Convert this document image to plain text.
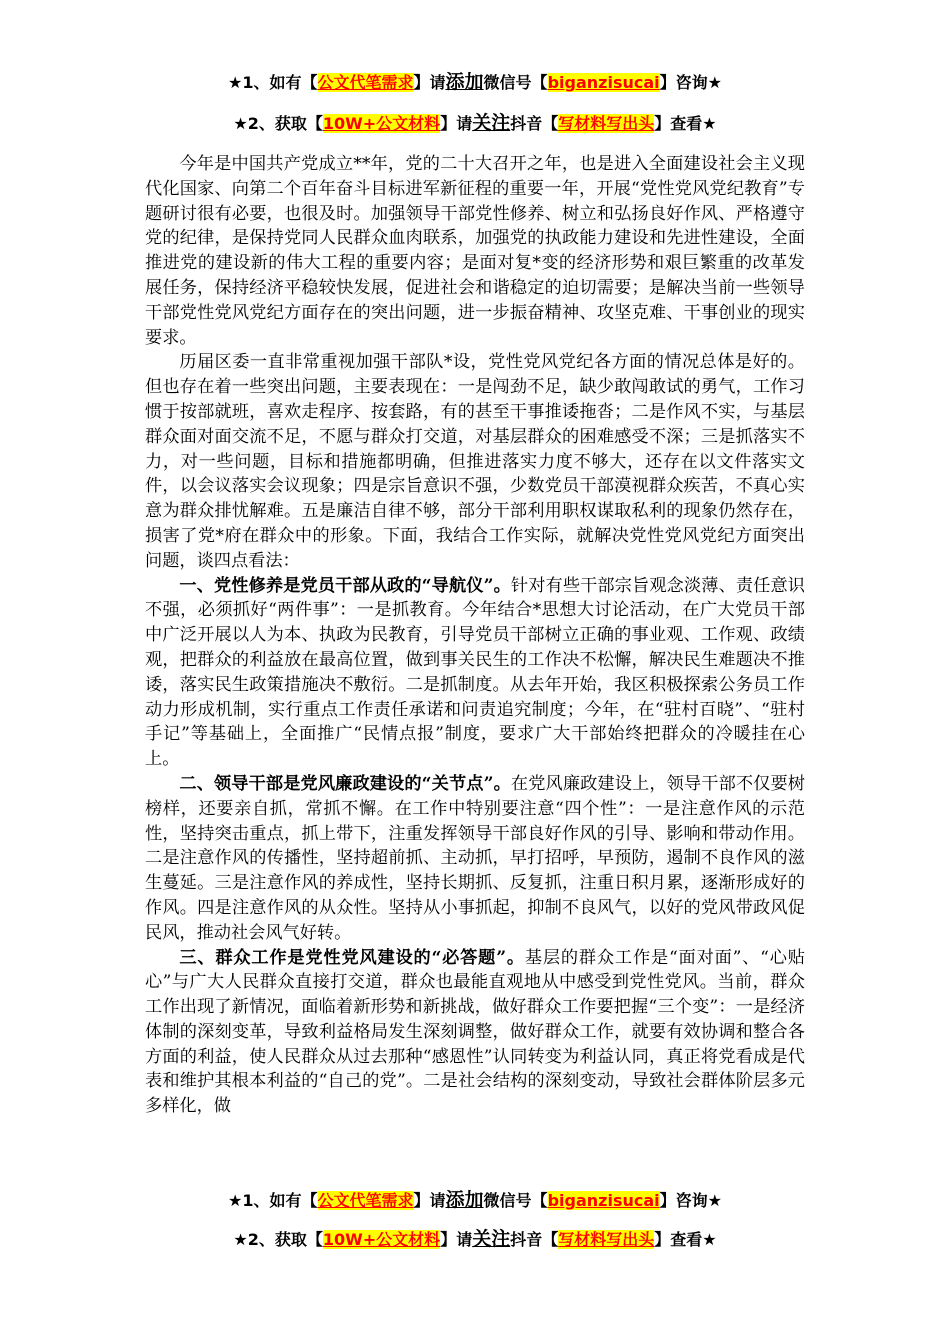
★1、如有【公文代笔需求】请添加微信号【biganzisucai】咨询★
★2、获取【10W+公文材料】请关注抖音【写材料写出头】查看★

今年是中国共产党成立**年，党的二十大召开之年，也是进入全面建设社会主义现代化国家、向第二个百年奋斗目标进军新征程的重要一年，开展“党性党风党纪教育”专题研讨很有必要，也很及时。加强领导干部党性修养、树立和弘扬良好作风、严格遵守党的纪律，是保持党同人民群众血肉联系，加强党的执政能力建设和先进性建设，全面推进党的建设新的伟大工程的重要内容；是面对复*变的经济形势和艰巨繁重的改革发展任务，保持经济平稳较快发展，促进社会和谐稳定的迫切需要；是解决当前一些领导干部党性党风党纪方面存在的突出问题，进一步振奋精神、攻坚克难、干事创业的现实要求。

历届区委一直非常重视加强干部队*设，党性党风党纪各方面的情况总体是好的。但也存在着一些突出问题，主要表现在：一是闯劲不足，缺少敢闯敢试的勇气，工作习惯于按部就班，喜欢走程序、按套路，有的甚至干事推诿拖沓；二是作风不实，与基层群众面对面交流不足，不愿与群众打交道，对基层群众的困难感受不深；三是抓落实不力，对一些问题，目标和措施都明确，但推进落实力度不够大，还存在以文件落实文件，以会议落实会议现象；四是宗旨意识不强，少数党员干部漠视群众疾苦，不真心实意为群众排忧解难。五是廉洁自律不够，部分干部利用职权谋取私利的现象仍然存在，损害了党*府在群众中的形象。下面，我结合工作实际，就解决党性党风党纪方面突出问题，谈四点看法：

一、党性修养是党员干部从政的“导航仪”。针对有些干部宗旨观念淡薄、责任意识不强，必须抓好“两件事”：一是抓教育。今年结合*思想大讨论活动，在广大党员干部中广泛开展以人为本、执政为民教育，引导党员干部树立正确的事业观、工作观、政绩观，把群众的利益放在最高位置，做到事关民生的工作决不松懈，解决民生难题决不推诿，落实民生政策措施决不敷衍。二是抓制度。从去年开始，我区积极探索公务员工作动力形成机制，实行重点工作责任承诺和问责追究制度；今年，在“驻村百晓”、“驻村手记”等基础上，全面推广“民情点报”制度，要求广大干部始终把群众的冷暖挂在心上。

二、领导干部是党风廉政建设的“关节点”。在党风廉政建设上，领导干部不仅要树榜样，还要亲自抓，常抓不懈。在工作中特别要注意“四个性”：一是注意作风的示范性，坚持突击重点，抓上带下，注重发挥领导干部良好作风的引导、影响和带动作用。二是注意作风的传播性，坚持超前抓、主动抓，早打招呼，早预防，遏制不良作风的滋生蔓延。三是注意作风的养成性，坚持长期抓、反复抓，注重日积月累，逐渐形成好的作风。四是注意作风的从众性。坚持从小事抓起，抑制不良风气，以好的党风带政风促民风，推动社会风气好转。

三、群众工作是党性党风建设的“必答题”。基层的群众工作是“面对面”、“心贴心”与广大人民群众直接打交道，群众也最能直观地从中感受到党性党风。当前，群众工作出现了新情况，面临着新形势和新挑战，做好群众工作要把握“三个变”：一是经济体制的深刻变革，导致利益格局发生深刻调整，做好群众工作，就要有效协调和整合各方面的利益，使人民群众从过去那种“感恩性”认同转变为利益认同，真正将党看成是代表和维护其根本利益的“自己的党”。二是社会结构的深刻变动，导致社会群体阶层多元多样化，做

★1、如有【公文代笔需求】请添加微信号【biganzisucai】咨询★
★2、获取【10W+公文材料】请关注抖音【写材料写出头】查看★
